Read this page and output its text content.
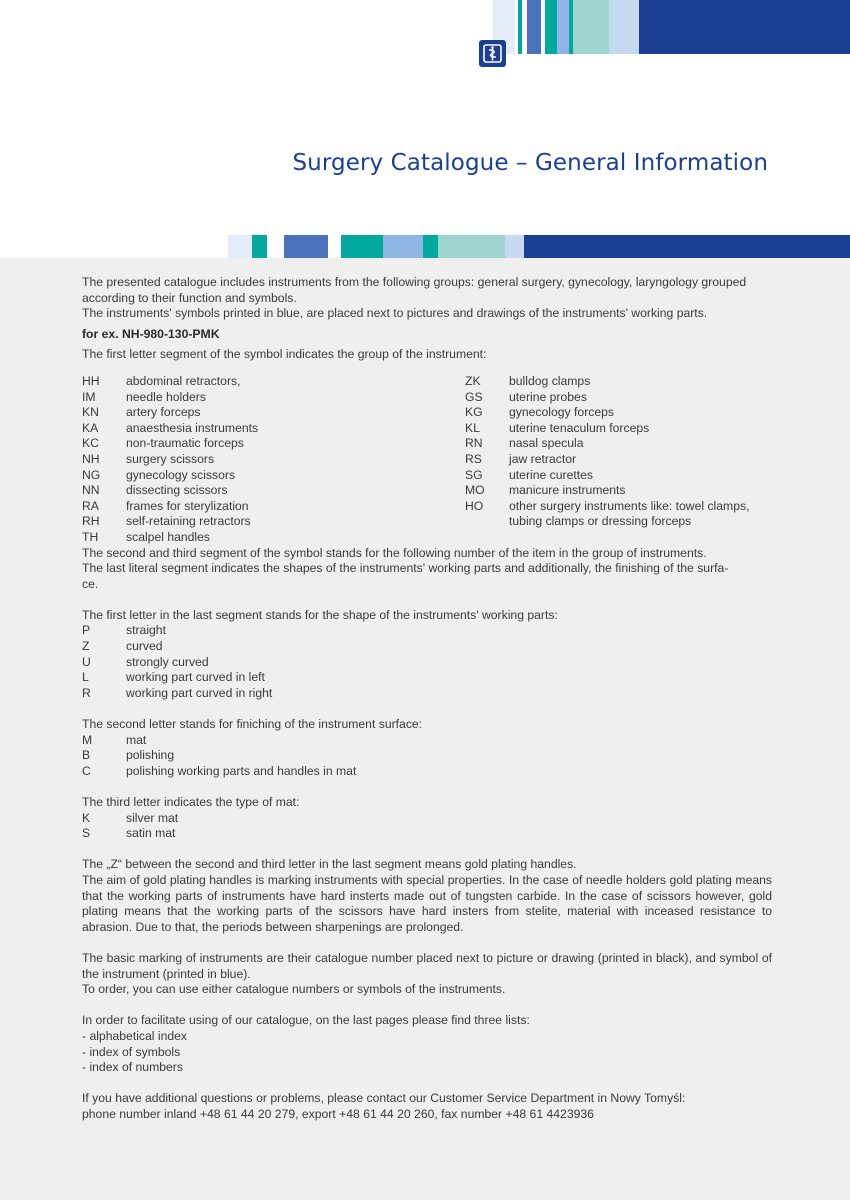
Surgery Catalogue – General Information
The presented catalogue includes instruments from the following groups: general surgery, gynecology, laryngology grouped

according to their function and symbols.

The instruments' symbols printed in blue, are placed next to pictures and drawings of the instruments' working parts.

for ex. NH-980-130-PMK

The first letter segment of the symbol indicates the group of the instrument:

HH	abdominal retractors,
IM	needle holders
KN	artery forceps
KA	anaesthesia instruments
KC	non-traumatic forceps
NH	surgery scissors
NG	gynecology scissors
NN	dissecting scissors
RA	frames for sterylization
RH	self-retaining retractors
TH	scalpel handles
ZK	bulldog clamps
GS	uterine probes
KG	gynecology forceps
KL	uterine tenaculum forceps
RN	nasal specula
RS	jaw retractor
SG	uterine curettes
MO	manicure instruments
HO	other surgery instruments like: towel clamps,
tubing clamps or dressing forceps

The second and third segment of the symbol stands for the following number of the item in the group of instruments.

The last literal segment indicates the shapes of the instruments' working parts and additionally, the finishing of the surfa-

ce.

The first letter in the last segment stands for the shape of the instruments' working parts:

P	straight
Z	curved
U	strongly curved
L	working part curved in left
R	working part curved in right

The second letter stands for finiching of the instrument surface:

M	mat
B	polishing
C	polishing working parts and handles in mat

The third letter indicates the type of mat:

K	silver mat
S	satin mat

The „Z“ between the second and third letter in the last segment means gold plating handles.

The aim of gold plating handles is marking instruments with special properties. In the case of needle holders gold plating means that the working parts of instruments have hard insterts made out of tungsten carbide. In the case of scissors however, gold plating means that the working parts of the scissors have hard insters from stelite, material with inceased resistance to abrasion. Due to that, the periods between sharpenings are prolonged.

The basic marking of instruments are their catalogue number placed next to picture or drawing (printed in black), and symbol of the instrument (printed in blue).

To order, you can use either catalogue numbers or symbols of the instruments.

In order to facilitate using of our catalogue, on the last pages please find three lists:

- alphabetical index

- index of symbols

- index of numbers

If you have additional questions or problems, please contact our Customer Service Department in Nowy Tomyśl:

phone number inland +48 61 44 20 279, export +48 61 44 20 260, fax number +48 61 4423936
